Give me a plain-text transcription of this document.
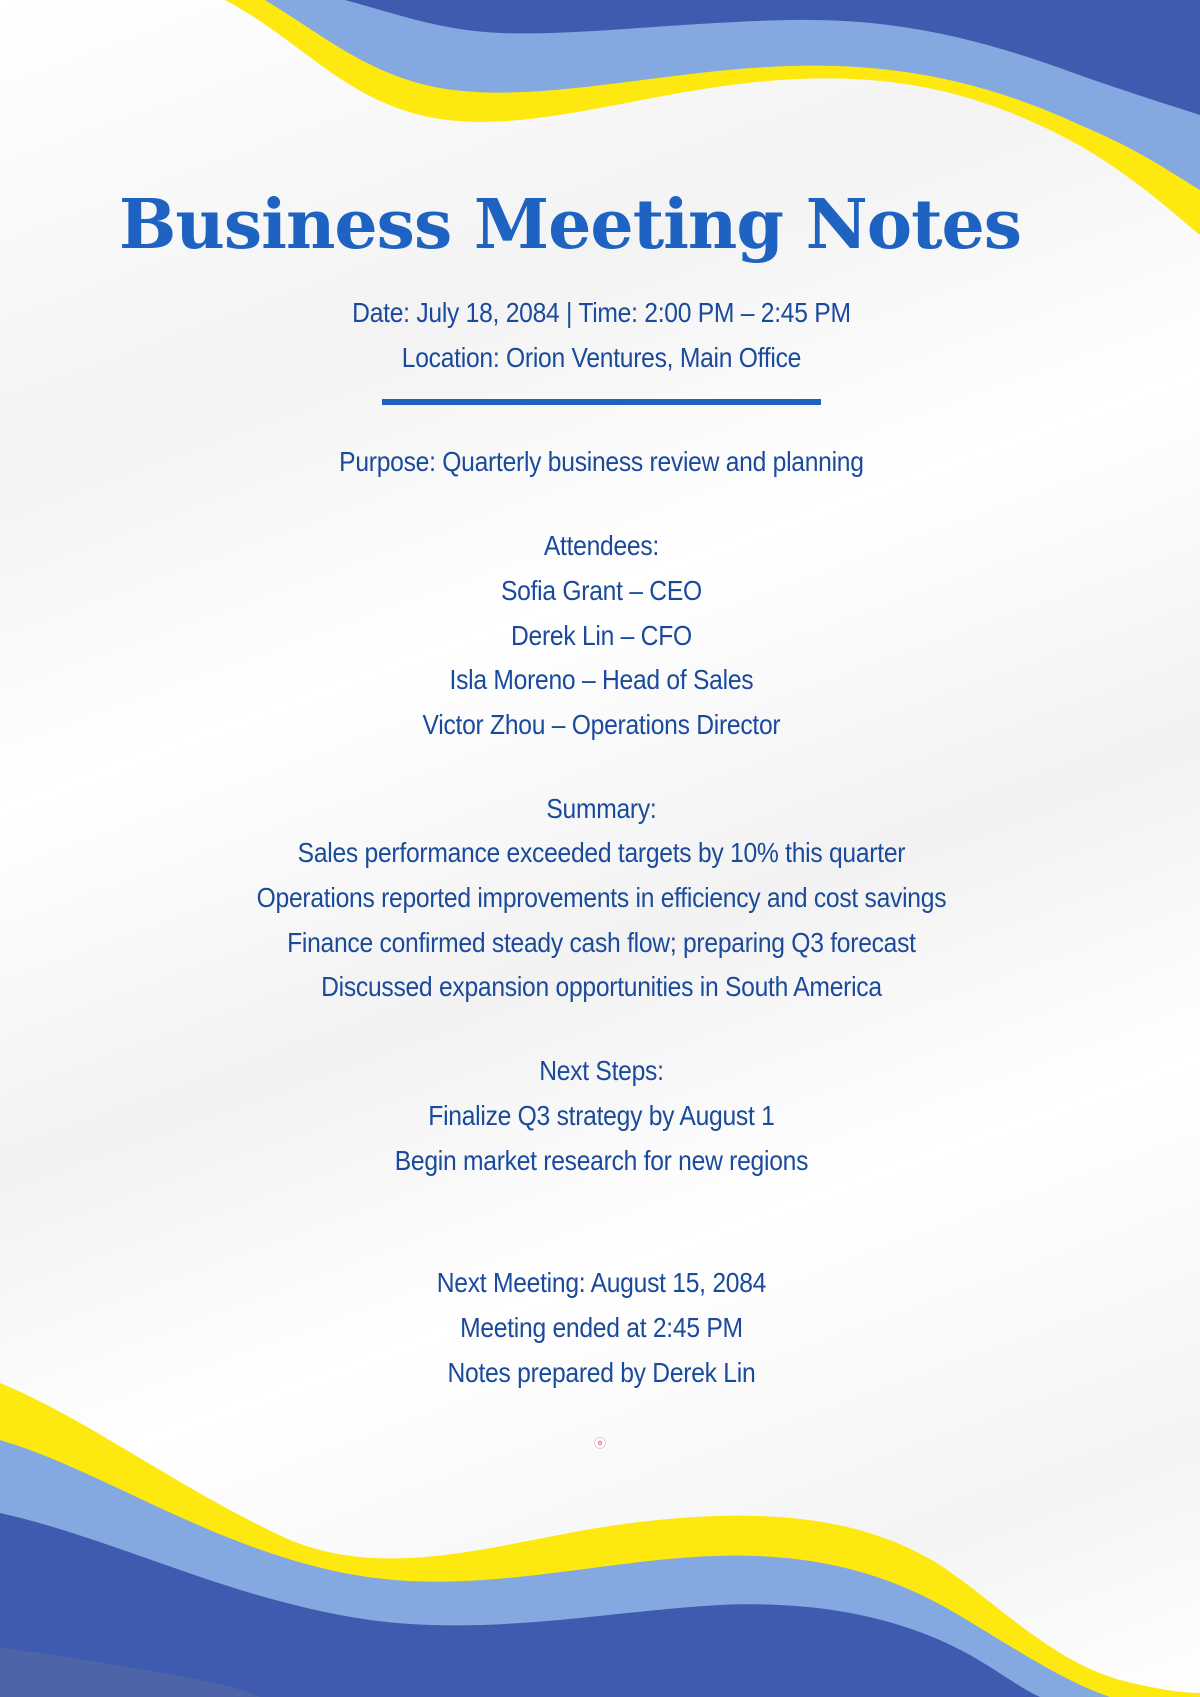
Business Meeting Notes
Date: July 18, 2084 | Time: 2:00 PM – 2:45 PM
Location: Orion Ventures, Main Office
Purpose: Quarterly business review and planning
Attendees:
Sofia Grant – CEO
Derek Lin – CFO
Isla Moreno – Head of Sales
Victor Zhou – Operations Director
Summary:
Sales performance exceeded targets by 10% this quarter
Operations reported improvements in efficiency and cost savings
Finance confirmed steady cash flow; preparing Q3 forecast
Discussed expansion opportunities in South America
Next Steps:
Finalize Q3 strategy by August 1
Begin market research for new regions
Next Meeting: August 15, 2084
Meeting ended at 2:45 PM
Notes prepared by Derek Lin
